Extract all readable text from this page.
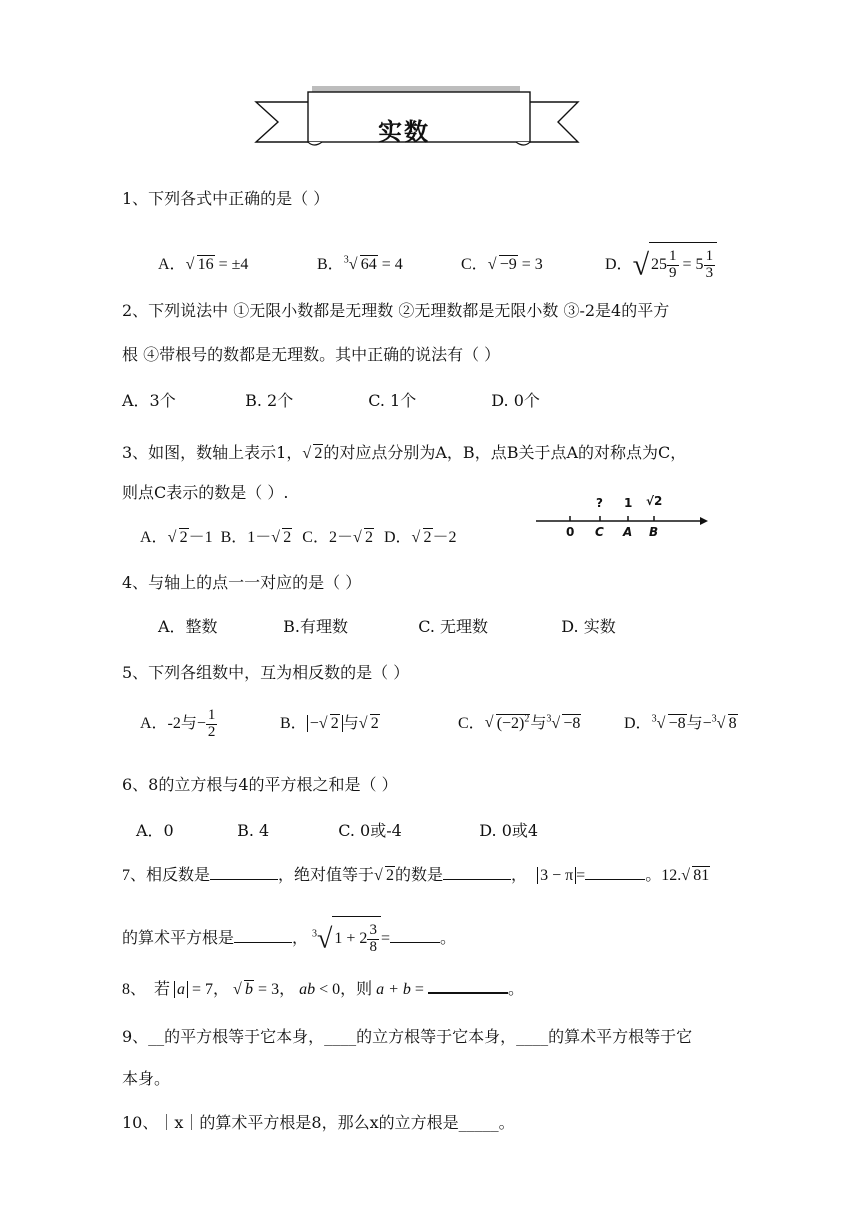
实数
1、下列各式中正确的是（ ）
A． √ 16 = ±4	B．$^3$ √ 64 = 4	C． √ −9 = 3	D．√ $25 \frac{1}{9} = 5 \frac{1}{3}$
2、下列说法中 ①无限小数都是无理数 ②无理数都是无限小数 ③-2是4的平方
根 ④带根号的数都是无理数。其中正确的说法有（ ）
A．3个	B. 2个	C. 1个	D. 0个
3、如图，数轴上表示1， √ 2的对应点分别为A，B，点B关于点A的对称点为C，
则点C表示的数是（ ）.
A． √ 2－1 B．1－ √ 2 C．2－ √ 2 D． √ 2－2
? 1 √2
0 C A B
4、与轴上的点一一对应的是（ ）
A．整数	B.有理数	C. 无理数	D. 实数
5、下列各组数中，互为相反数的是（ ）
A．-2与− $\frac{1}{2}$	B． − √ 2 与 √ 2	C． √ $(-2)^2$与$^3$ √ −8	D．$^3$ √ −8与−$^3$ √ 8
6、8的立方根与4的平方根之和是（ ）
A．0	B. 4	C. 0或-4	D. 0或4
7、相反数是	，绝对值等于 √ 2的数是	， 3 − π =	。12. √ 81
的算术平方根是	， $^3$√ $1 + 2 \frac{3}{8}$ =	。
8、　若 a = 7， √ b = 3， ab < 0，则 a + b =	。
9、__的平方根等于它本身，____的立方根等于它本身，____的算术平方根等于它
本身。
10、｜x｜的算术平方根是8，那么x的立方根是_____。
